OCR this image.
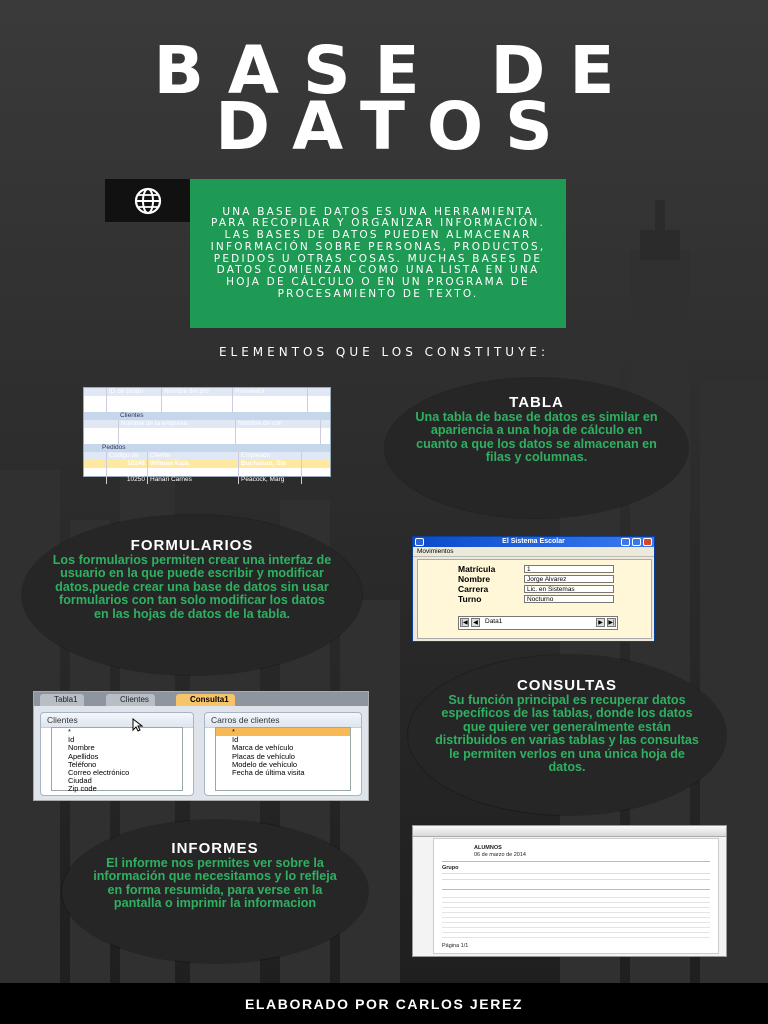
BASE DE
DATOS

UNA BASE DE DATOS ES UNA HERRAMIENTA PARA RECOPILAR Y ORGANIZAR INFORMACIÓN. LAS BASES DE DATOS PUEDEN ALMACENAR INFORMACIÓN SOBRE PERSONAS, PRODUCTOS, PEDIDOS U OTRAS COSAS. MUCHAS BASES DE DATOS COMIENZAN COMO UNA LISTA EN UNA HOJA DE CÁLCULO O EN UN PROGRAMA DE PROCESAMIENTO DE TEXTO.

ELEMENTOS QUE LOS CONSTITUYE:
ID de produ	Nombre del pro	Proveedor
1	Tapias	Exotic Liquids
2	Chang	Exotic Liquids
Clientes
Nombre de la empresa	Nombre de con
Alfreds Futterkiste	Maria Anders
Ana Trujillo Emparedados y helados	Ana Trujillo
Pedidos
Código de	Cliente	Empleado
10248 Wilman Kala	Buchanan, Ste
10249 Tradição Hipermercados	Suyama, Mich
10250 Hanari Carnes	Peacock, Marg
TABLA

Una tabla de base de datos es similar en apariencia a una hoja de cálculo en cuanto a que los datos se almacenan en filas y columnas.

FORMULARIOS

Los formularios permiten crear una interfaz de usuario en la que puede escribir y modificar datos,puede crear una base de datos sin usar formularios con tan solo modificar los datos en las hojas de datos de la tabla.

El Sistema Escolar
Movimientos
Matrícula	1
Nombre	Jorge Alvarez
Carrera	Lic. en Sistemas
Turno	Nocturno
|◀ ◀	Data1	▶ ▶|
Tabla1	Clientes	Consulta1
Clientes
*
Id
Nombre
Apellidos
Teléfono
Correo electrónico
Ciudad
Zip code
Carros de clientes
*
Id
Marca de vehículo
Placas de vehículo
Modelo de vehículo
Fecha de última visita
CONSULTAS

Su función principal es recuperar datos específicos de las tablas, donde los datos que quiere ver generalmente están distribuidos en varias tablas y las consultas le permiten verlos en una única hoja de datos.

INFORMES

El informe nos permites ver sobre la información que necesitamos y lo refleja en forma resumida, para verse en la pantalla o imprimir la informacion

ALUMNOS
06 de marzo de 2014
Grupo
Página 1/1
ELABORADO POR CARLOS JEREZ
